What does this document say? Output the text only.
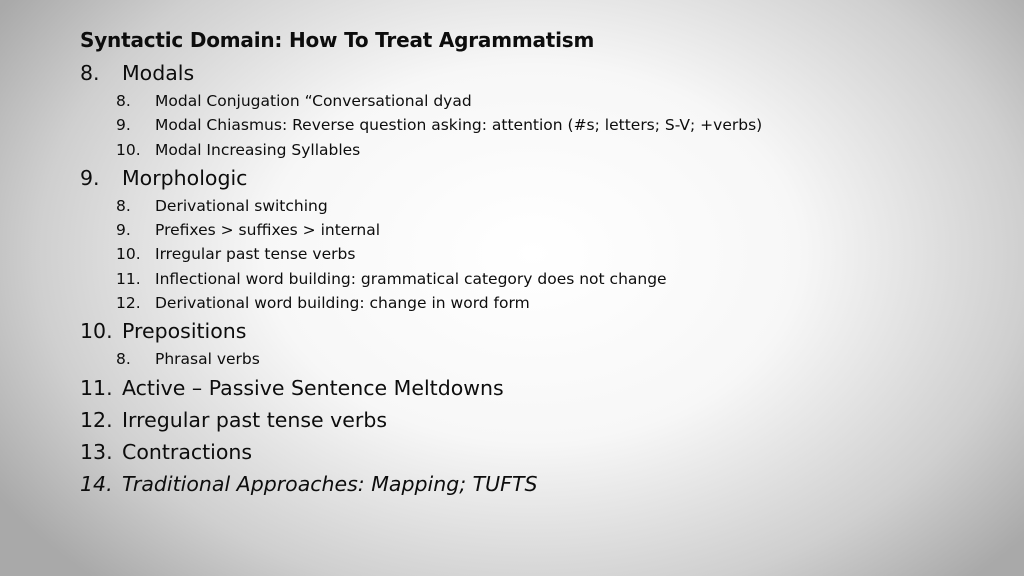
Syntactic Domain: How To Treat Agrammatism
8. Modals
8. Modal Conjugation “Conversational dyad
9. Modal Chiasmus: Reverse question asking: attention (#s; letters; S-V; +verbs)
10. Modal Increasing Syllables
9. Morphologic
8. Derivational switching
9. Prefixes > suffixes > internal
10. Irregular past tense verbs
11. Inflectional word building: grammatical category does not change
12. Derivational word building: change in word form
10. Prepositions
8. Phrasal verbs
11. Active – Passive Sentence Meltdowns
12. Irregular past tense verbs
13. Contractions
14. Traditional Approaches: Mapping; TUFTS
